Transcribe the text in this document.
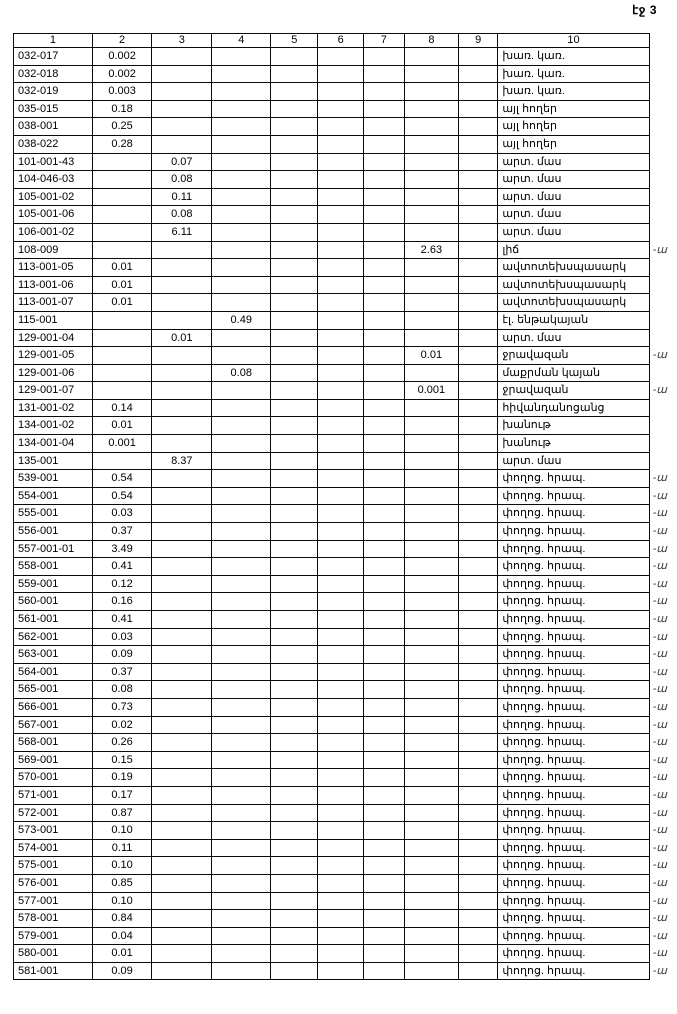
էջ 3
1	2	3	4	5	6	7	8	9	10	
032-017	0.002								խառ. կառ.	
032-018	0.002								խառ. կառ.	
032-019	0.003								խառ. կառ.	
035-015	0.18								այլ հողեր	
038-001	0.25								այլ հողեր	
038-022	0.28								այլ հողեր	
101-001-43		0.07							արտ. մաս	
104-046-03		0.08							արտ. մաս	
105-001-02		0.11							արտ. մաս	
105-001-06		0.08							արտ. մաս	
106-001-02		6.11							արտ. մաս	
108-009							2.63		լիճ	-ա
113-001-05	0.01								ավտոտեխսպասարկ	
113-001-06	0.01								ավտոտեխսպասարկ	
113-001-07	0.01								ավտոտեխսպասարկ	
115-001			0.49						էլ. ենթակայան	
129-001-04		0.01							արտ. մաս	
129-001-05							0.01		ջրավազան	-ա
129-001-06			0.08						մաքրման կայան	
129-001-07							0.001		ջրավազան	-ա
131-001-02	0.14								հիվանդանոցանց	
134-001-02	0.01								խանութ	
134-001-04	0.001								խանութ	
135-001		8.37							արտ. մաս	
539-001	0.54								փողոց. հրապ.	-ա
554-001	0.54								փողոց. հրապ.	-ա
555-001	0.03								փողոց. հրապ.	-ա
556-001	0.37								փողոց. հրապ.	-ա
557-001-01	3.49								փողոց. հրապ.	-ա
558-001	0.41								փողոց. հրապ.	-ա
559-001	0.12								փողոց. հրապ.	-ա
560-001	0.16								փողոց. հրապ.	-ա
561-001	0.41								փողոց. հրապ.	-ա
562-001	0.03								փողոց. հրապ.	-ա
563-001	0.09								փողոց. հրապ.	-ա
564-001	0.37								փողոց. հրապ.	-ա
565-001	0.08								փողոց. հրապ.	-ա
566-001	0.73								փողոց. հրապ.	-ա
567-001	0.02								փողոց. հրապ.	-ա
568-001	0.26								փողոց. հրապ.	-ա
569-001	0.15								փողոց. հրապ.	-ա
570-001	0.19								փողոց. հրապ.	-ա
571-001	0.17								փողոց. հրապ.	-ա
572-001	0.87								փողոց. հրապ.	-ա
573-001	0.10								փողոց. հրապ.	-ա
574-001	0.11								փողոց. հրապ.	-ա
575-001	0.10								փողոց. հրապ.	-ա
576-001	0.85								փողոց. հրապ.	-ա
577-001	0.10								փողոց. հրապ.	-ա
578-001	0.84								փողոց. հրապ.	-ա
579-001	0.04								փողոց. հրապ.	-ա
580-001	0.01								փողոց. հրապ.	-ա
581-001	0.09								փողոց. հրապ.	-ա
